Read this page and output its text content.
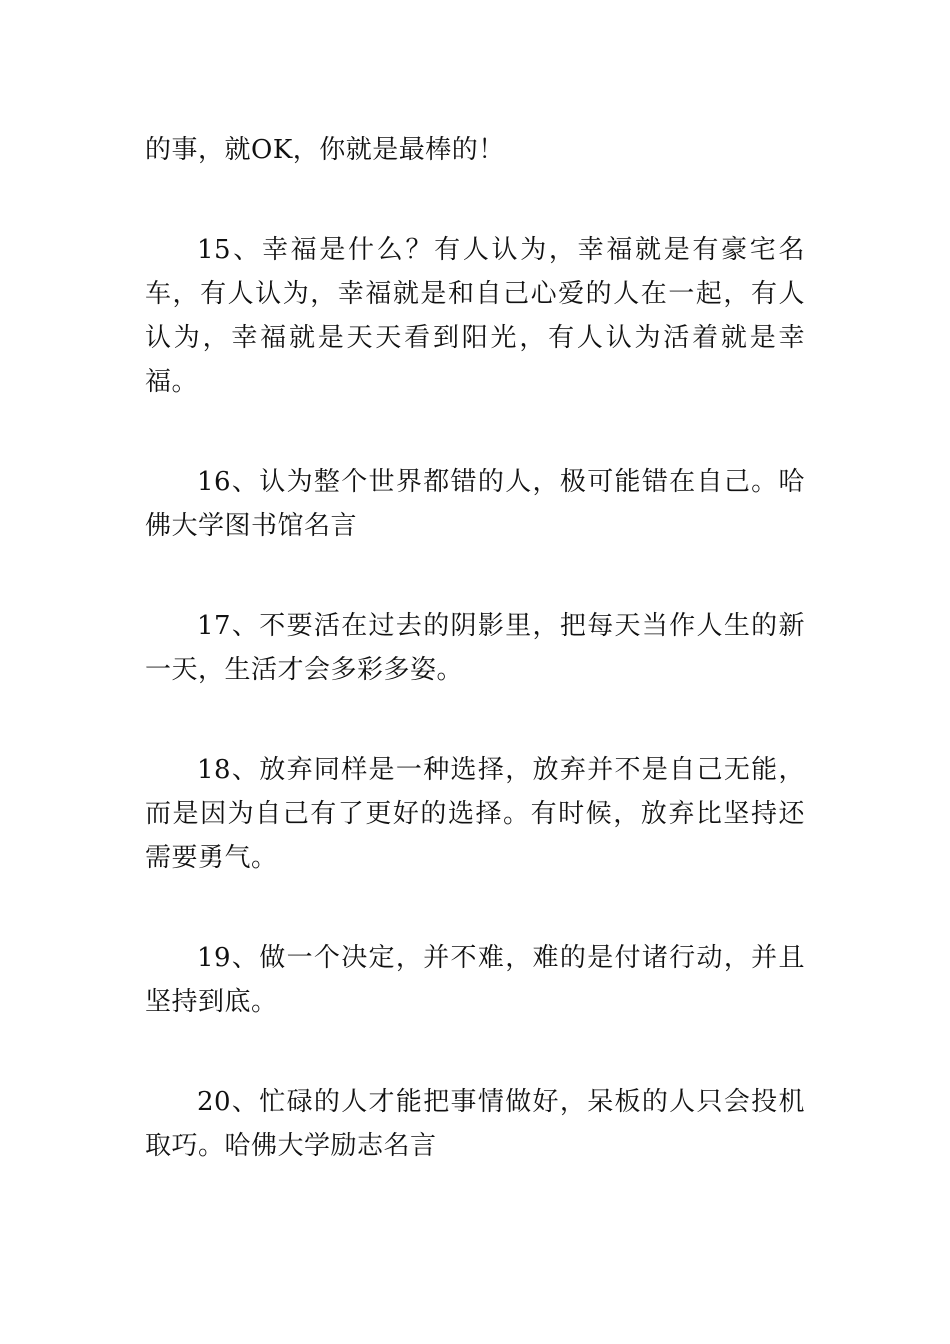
的事，就OK，你就是最棒的！

15、幸福是什么？有人认为，幸福就是有豪宅名车，有人认为，幸福就是和自己心爱的人在一起，有人认为，幸福就是天天看到阳光，有人认为活着就是幸福。

16、认为整个世界都错的人，极可能错在自己。哈佛大学图书馆名言

17、不要活在过去的阴影里，把每天当作人生的新一天，生活才会多彩多姿。

18、放弃同样是一种选择，放弃并不是自己无能，而是因为自己有了更好的选择。有时候，放弃比坚持还需要勇气。

19、做一个决定，并不难，难的是付诸行动，并且坚持到底。

20、忙碌的人才能把事情做好，呆板的人只会投机取巧。哈佛大学励志名言
